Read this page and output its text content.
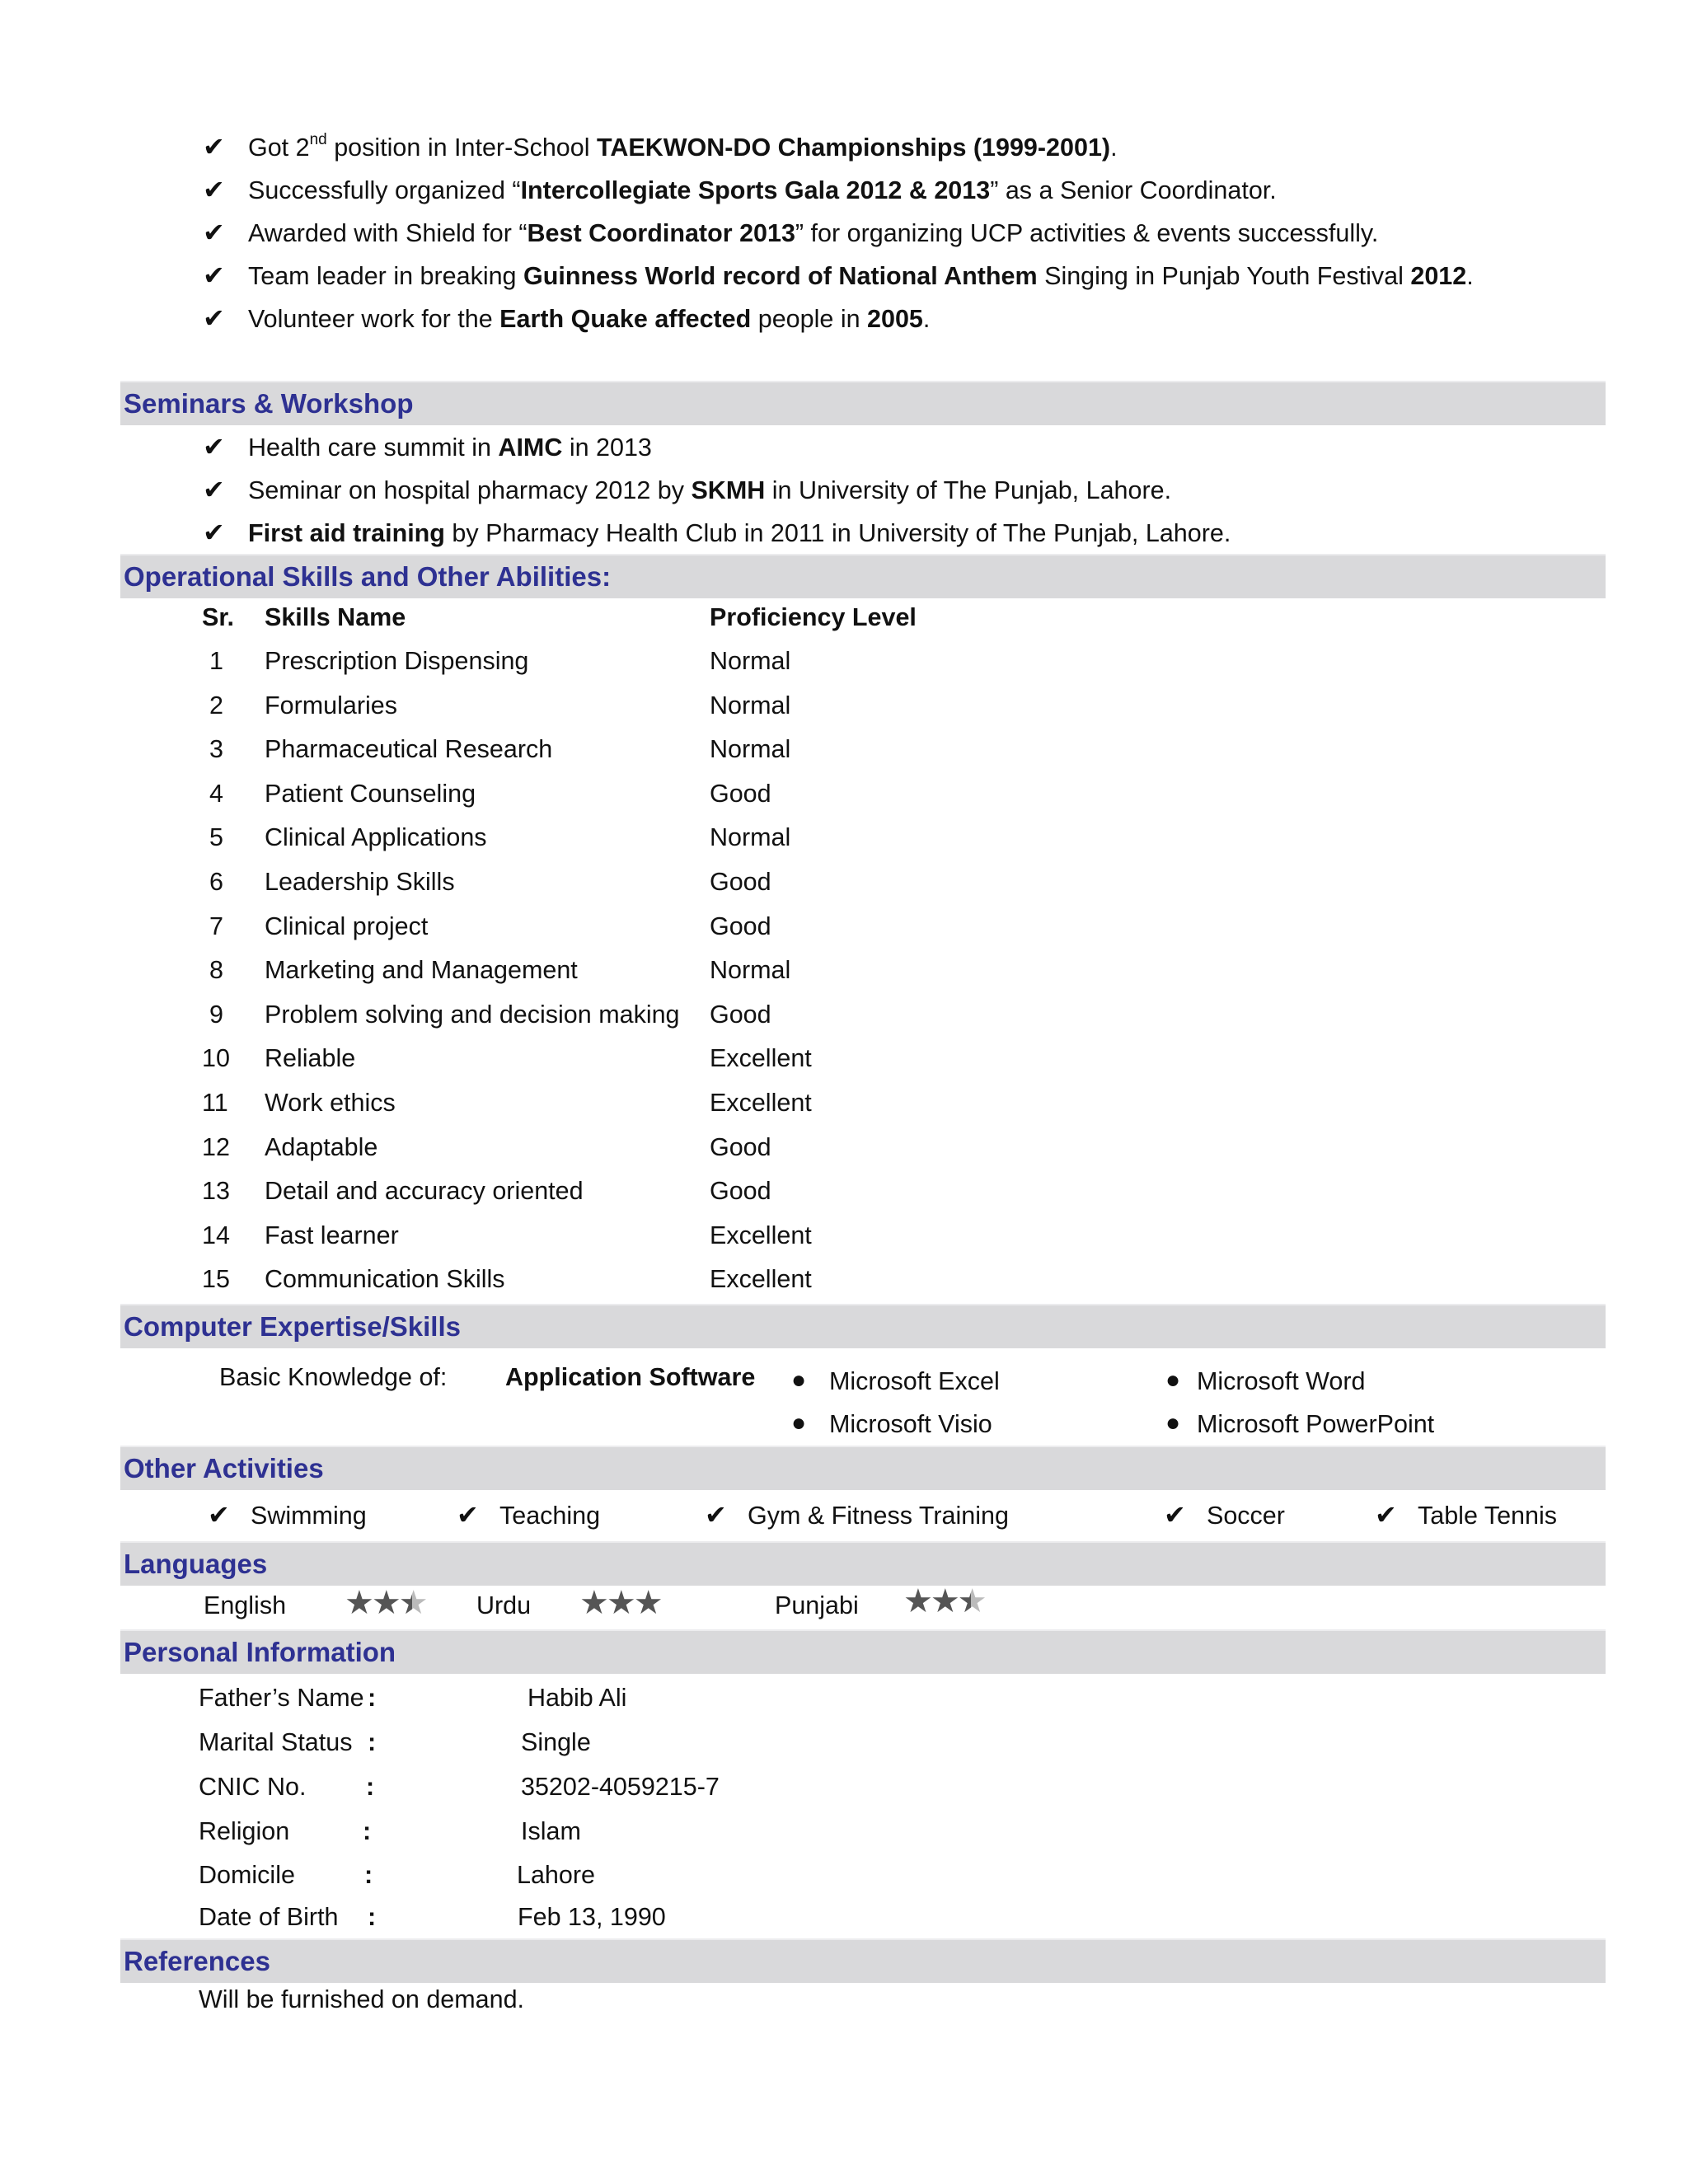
✔ Got 2nd position in Inter-School TAEKWON-DO Championships (1999-2001).
✔ Successfully organized “Intercollegiate Sports Gala 2012 & 2013” as a Senior Coordinator.
✔ Awarded with Shield for “Best Coordinator 2013” for organizing UCP activities & events successfully.
✔ Team leader in breaking Guinness World record of National Anthem Singing in Punjab Youth Festival 2012.
✔ Volunteer work for the Earth Quake affected people in 2005.
Seminars & Workshop
✔ Health care summit in AIMC in 2013
✔ Seminar on hospital pharmacy 2012 by SKMH in University of The Punjab, Lahore.
✔ First aid training by Pharmacy Health Club in 2011 in University of The Punjab, Lahore.
Operational Skills and Other Abilities:
Sr. Skills Name	Proficiency Level
1 Prescription Dispensing	Normal
2 Formularies	Normal
3 Pharmaceutical Research	Normal
4 Patient Counseling	Good
5 Clinical Applications	Normal
6 Leadership Skills	Good
7 Clinical project	Good
8 Marketing and Management	Normal
9 Problem solving and decision making Good
10 Reliable	Excellent
11 Work ethics	Excellent
12 Adaptable	Good
13 Detail and accuracy oriented	Good
14 Fast learner	Excellent
15 Communication Skills	Excellent
Computer Expertise/Skills
Basic Knowledge of: Application Software ● Microsoft Excel	● Microsoft Word
● Microsoft Visio	● Microsoft PowerPoint
Other Activities
✔ Swimming	✔ Teaching	✔ Gym & Fitness Training	✔ Soccer	✔ Table Tennis
Languages
English ★★★ ★ Urdu ★★★	Punjabi ★★★ ★
Personal Information
Father’s Name :	Habib Ali
Marital Status :	Single
CNIC No. :	35202-4059215-7
Religion	:	Islam
Domicile	:	Lahore
Date of Birth :	Feb 13, 1990
References
Will be furnished on demand.
